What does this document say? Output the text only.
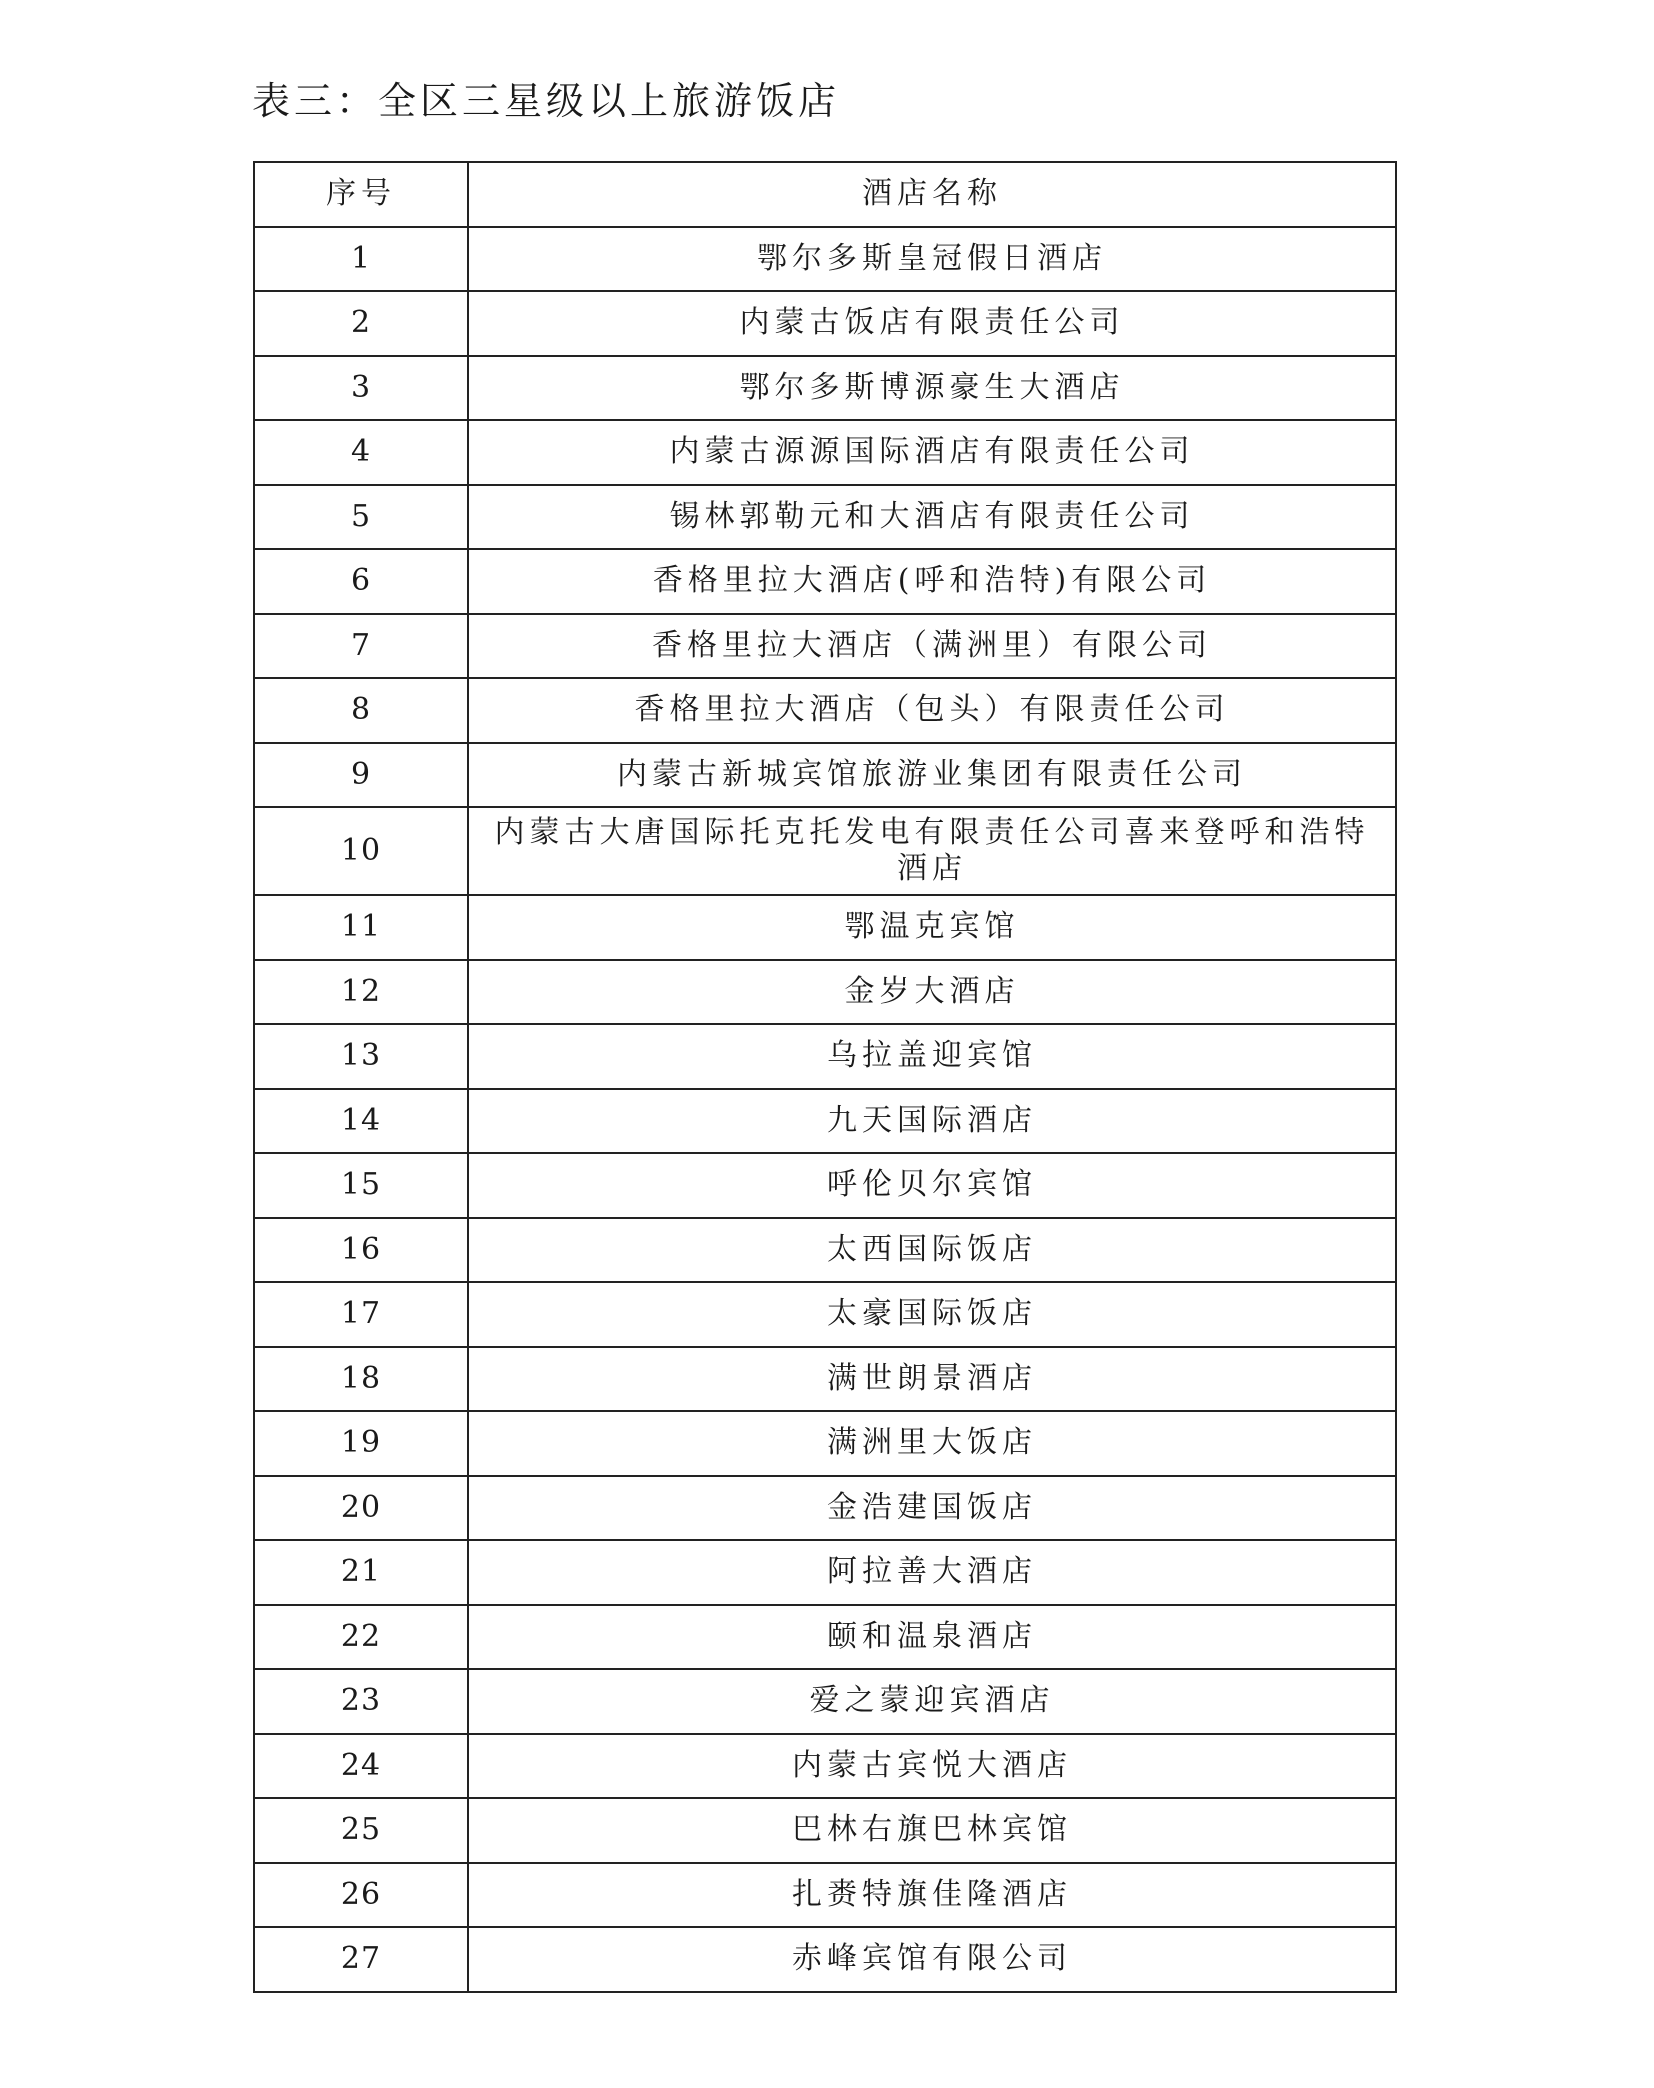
表三：全区三星级以上旅游饭店
序号	酒店名称
1	鄂尔多斯皇冠假日酒店
2	内蒙古饭店有限责任公司
3	鄂尔多斯博源豪生大酒店
4	内蒙古源源国际酒店有限责任公司
5	锡林郭勒元和大酒店有限责任公司
6	香格里拉大酒店(呼和浩特)有限公司
7	香格里拉大酒店（满洲里）有限公司
8	香格里拉大酒店（包头）有限责任公司
9	内蒙古新城宾馆旅游业集团有限责任公司
10	内蒙古大唐国际托克托发电有限责任公司喜来登呼和浩特酒店
11	鄂温克宾馆
12	金岁大酒店
13	乌拉盖迎宾馆
14	九天国际酒店
15	呼伦贝尔宾馆
16	太西国际饭店
17	太豪国际饭店
18	满世朗景酒店
19	满洲里大饭店
20	金浩建国饭店
21	阿拉善大酒店
22	颐和温泉酒店
23	爱之蒙迎宾酒店
24	内蒙古宾悦大酒店
25	巴林右旗巴林宾馆
26	扎赉特旗佳隆酒店
27	赤峰宾馆有限公司
